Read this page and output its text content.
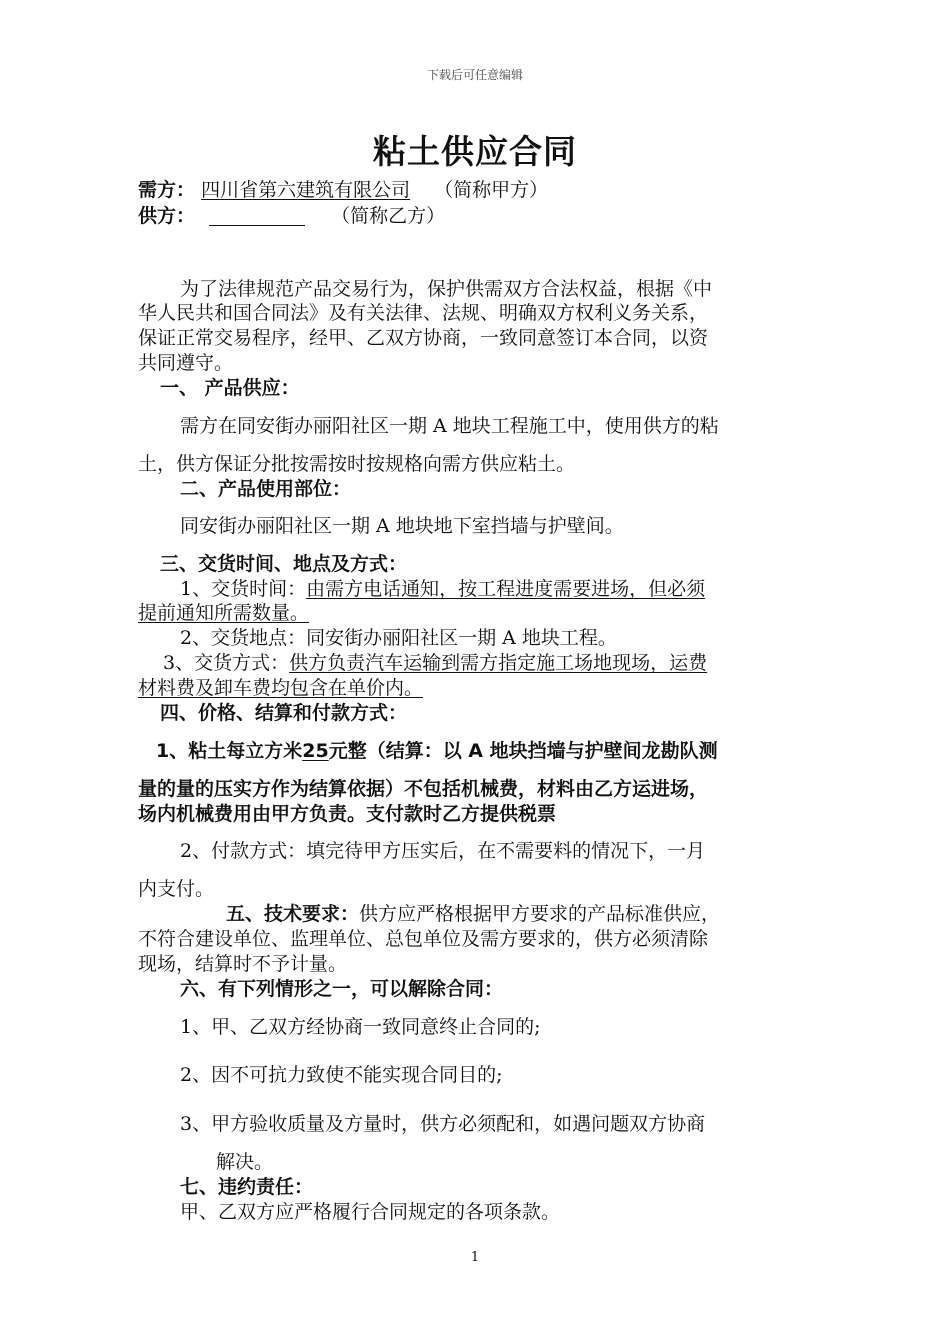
下载后可任意编辑
粘土供应合同
需方： 四川省第六建筑有限公司 （简称甲方）
供方：	（简称乙方）
为了法律规范产品交易行为，保护供需双方合法权益，根据《中
华人民共和国合同法》及有关法律、法规、明确双方权利义务关系，
保证正常交易程序，经甲、乙双方协商，一致同意签订本合同，以资
共同遵守。
一、 产品供应：
需方在同安街办丽阳社区一期 A 地块工程施工中，使用供方的粘
土，供方保证分批按需按时按规格向需方供应粘土。
二、产品使用部位：
同安街办丽阳社区一期 A 地块地下室挡墙与护壁间。
三、交货时间、地点及方式：
1、交货时间：由需方电话通知，按工程进度需要进场，但必须
提前通知所需数量。
2、交货地点：同安街办丽阳社区一期 A 地块工程。
3、交货方式：供方负责汽车运输到需方指定施工场地现场，运费
材料费及卸车费均包含在单价内。
四、价格、结算和付款方式：
1、粘土每立方米25元整（结算：以 A 地块挡墙与护壁间龙勘队测
量的量的压实方作为结算依据）不包括机械费，材料由乙方运进场，
场内机械费用由甲方负责。支付款时乙方提供税票
2、付款方式：填完待甲方压实后，在不需要料的情况下，一月
内支付。
五、技术要求：供方应严格根据甲方要求的产品标准供应，
不符合建设单位、监理单位、总包单位及需方要求的，供方必须清除
现场，结算时不予计量。
六、有下列情形之一，可以解除合同：
1、甲、乙双方经协商一致同意终止合同的;
2、因不可抗力致使不能实现合同目的;
3、甲方验收质量及方量时，供方必须配和，如遇问题双方协商
解决。
七、违约责任：
甲、乙双方应严格履行合同规定的各项条款。
1
